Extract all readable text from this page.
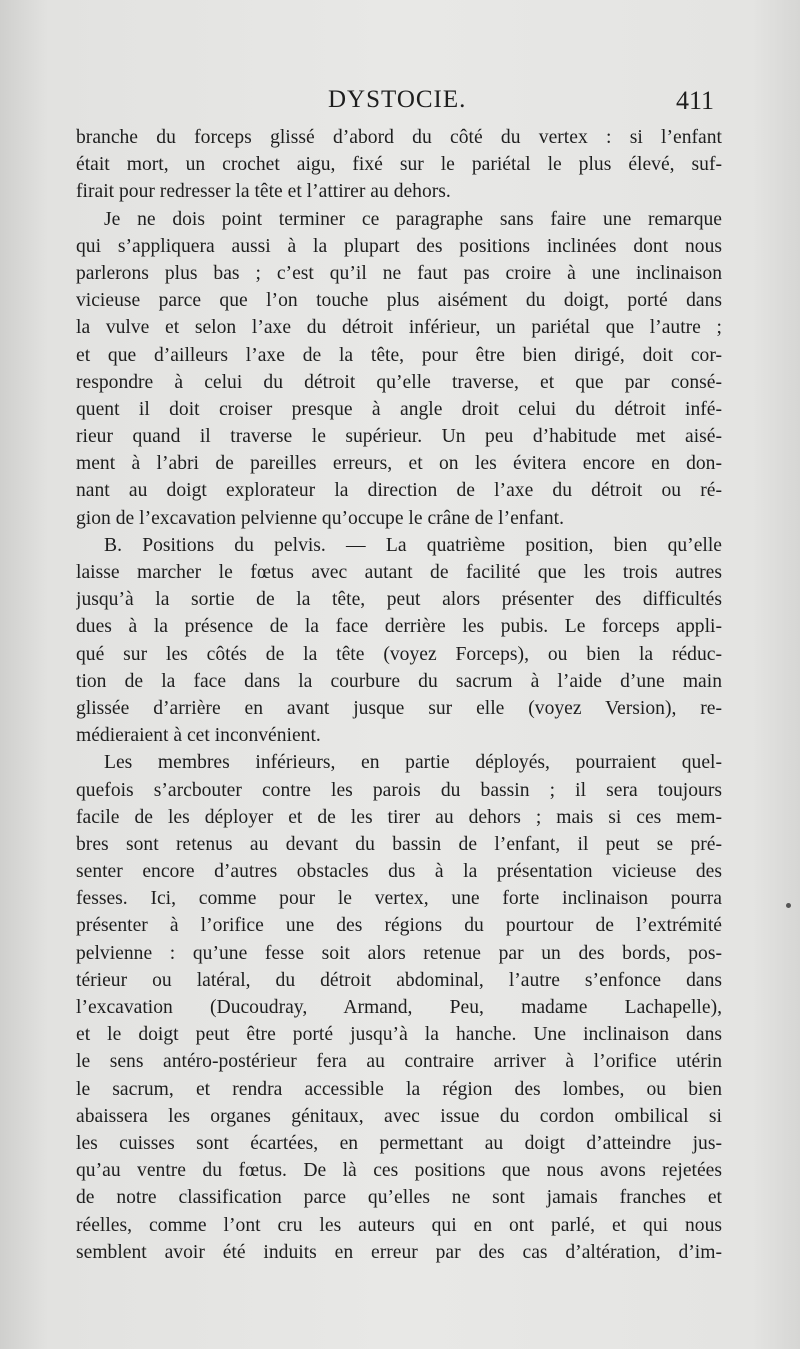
DYSTOCIE.	411
branche du forceps glissé d’abord du côté du vertex : si l’enfant
était mort, un crochet aigu, fixé sur le pariétal le plus élevé, suf-
firait pour redresser la tête et l’attirer au dehors.
Je ne dois point terminer ce paragraphe sans faire une remarque
qui s’appliquera aussi à la plupart des positions inclinées dont nous
parlerons plus bas ; c’est qu’il ne faut pas croire à une inclinaison
vicieuse parce que l’on touche plus aisément du doigt, porté dans
la vulve et selon l’axe du détroit inférieur, un pariétal que l’autre ;
et que d’ailleurs l’axe de la tête, pour être bien dirigé, doit cor-
respondre à celui du détroit qu’elle traverse, et que par consé-
quent il doit croiser presque à angle droit celui du détroit infé-
rieur quand il traverse le supérieur. Un peu d’habitude met aisé-
ment à l’abri de pareilles erreurs, et on les évitera encore en don-
nant au doigt explorateur la direction de l’axe du détroit ou ré-
gion de l’excavation pelvienne qu’occupe le crâne de l’enfant.
B. Positions du pelvis. — La quatrième position, bien qu’elle
laisse marcher le fœtus avec autant de facilité que les trois autres
jusqu’à la sortie de la tête, peut alors présenter des difficultés
dues à la présence de la face derrière les pubis. Le forceps appli-
qué sur les côtés de la tête (voyez Forceps), ou bien la réduc-
tion de la face dans la courbure du sacrum à l’aide d’une main
glissée d’arrière en avant jusque sur elle (voyez Version), re-
médieraient à cet inconvénient.
Les membres inférieurs, en partie déployés, pourraient quel-
quefois s’arcbouter contre les parois du bassin ; il sera toujours
facile de les déployer et de les tirer au dehors ; mais si ces mem-
bres sont retenus au devant du bassin de l’enfant, il peut se pré-
senter encore d’autres obstacles dus à la présentation vicieuse des
fesses. Ici, comme pour le vertex, une forte inclinaison pourra
présenter à l’orifice une des régions du pourtour de l’extrémité
pelvienne : qu’une fesse soit alors retenue par un des bords, pos-
térieur ou latéral, du détroit abdominal, l’autre s’enfonce dans
l’excavation (Ducoudray, Armand, Peu, madame Lachapelle),
et le doigt peut être porté jusqu’à la hanche. Une inclinaison dans
le sens antéro-postérieur fera au contraire arriver à l’orifice utérin
le sacrum, et rendra accessible la région des lombes, ou bien
abaissera les organes génitaux, avec issue du cordon ombilical si
les cuisses sont écartées, en permettant au doigt d’atteindre jus-
qu’au ventre du fœtus. De là ces positions que nous avons rejetées
de notre classification parce qu’elles ne sont jamais franches et
réelles, comme l’ont cru les auteurs qui en ont parlé, et qui nous
semblent avoir été induits en erreur par des cas d’altération, d’im-
